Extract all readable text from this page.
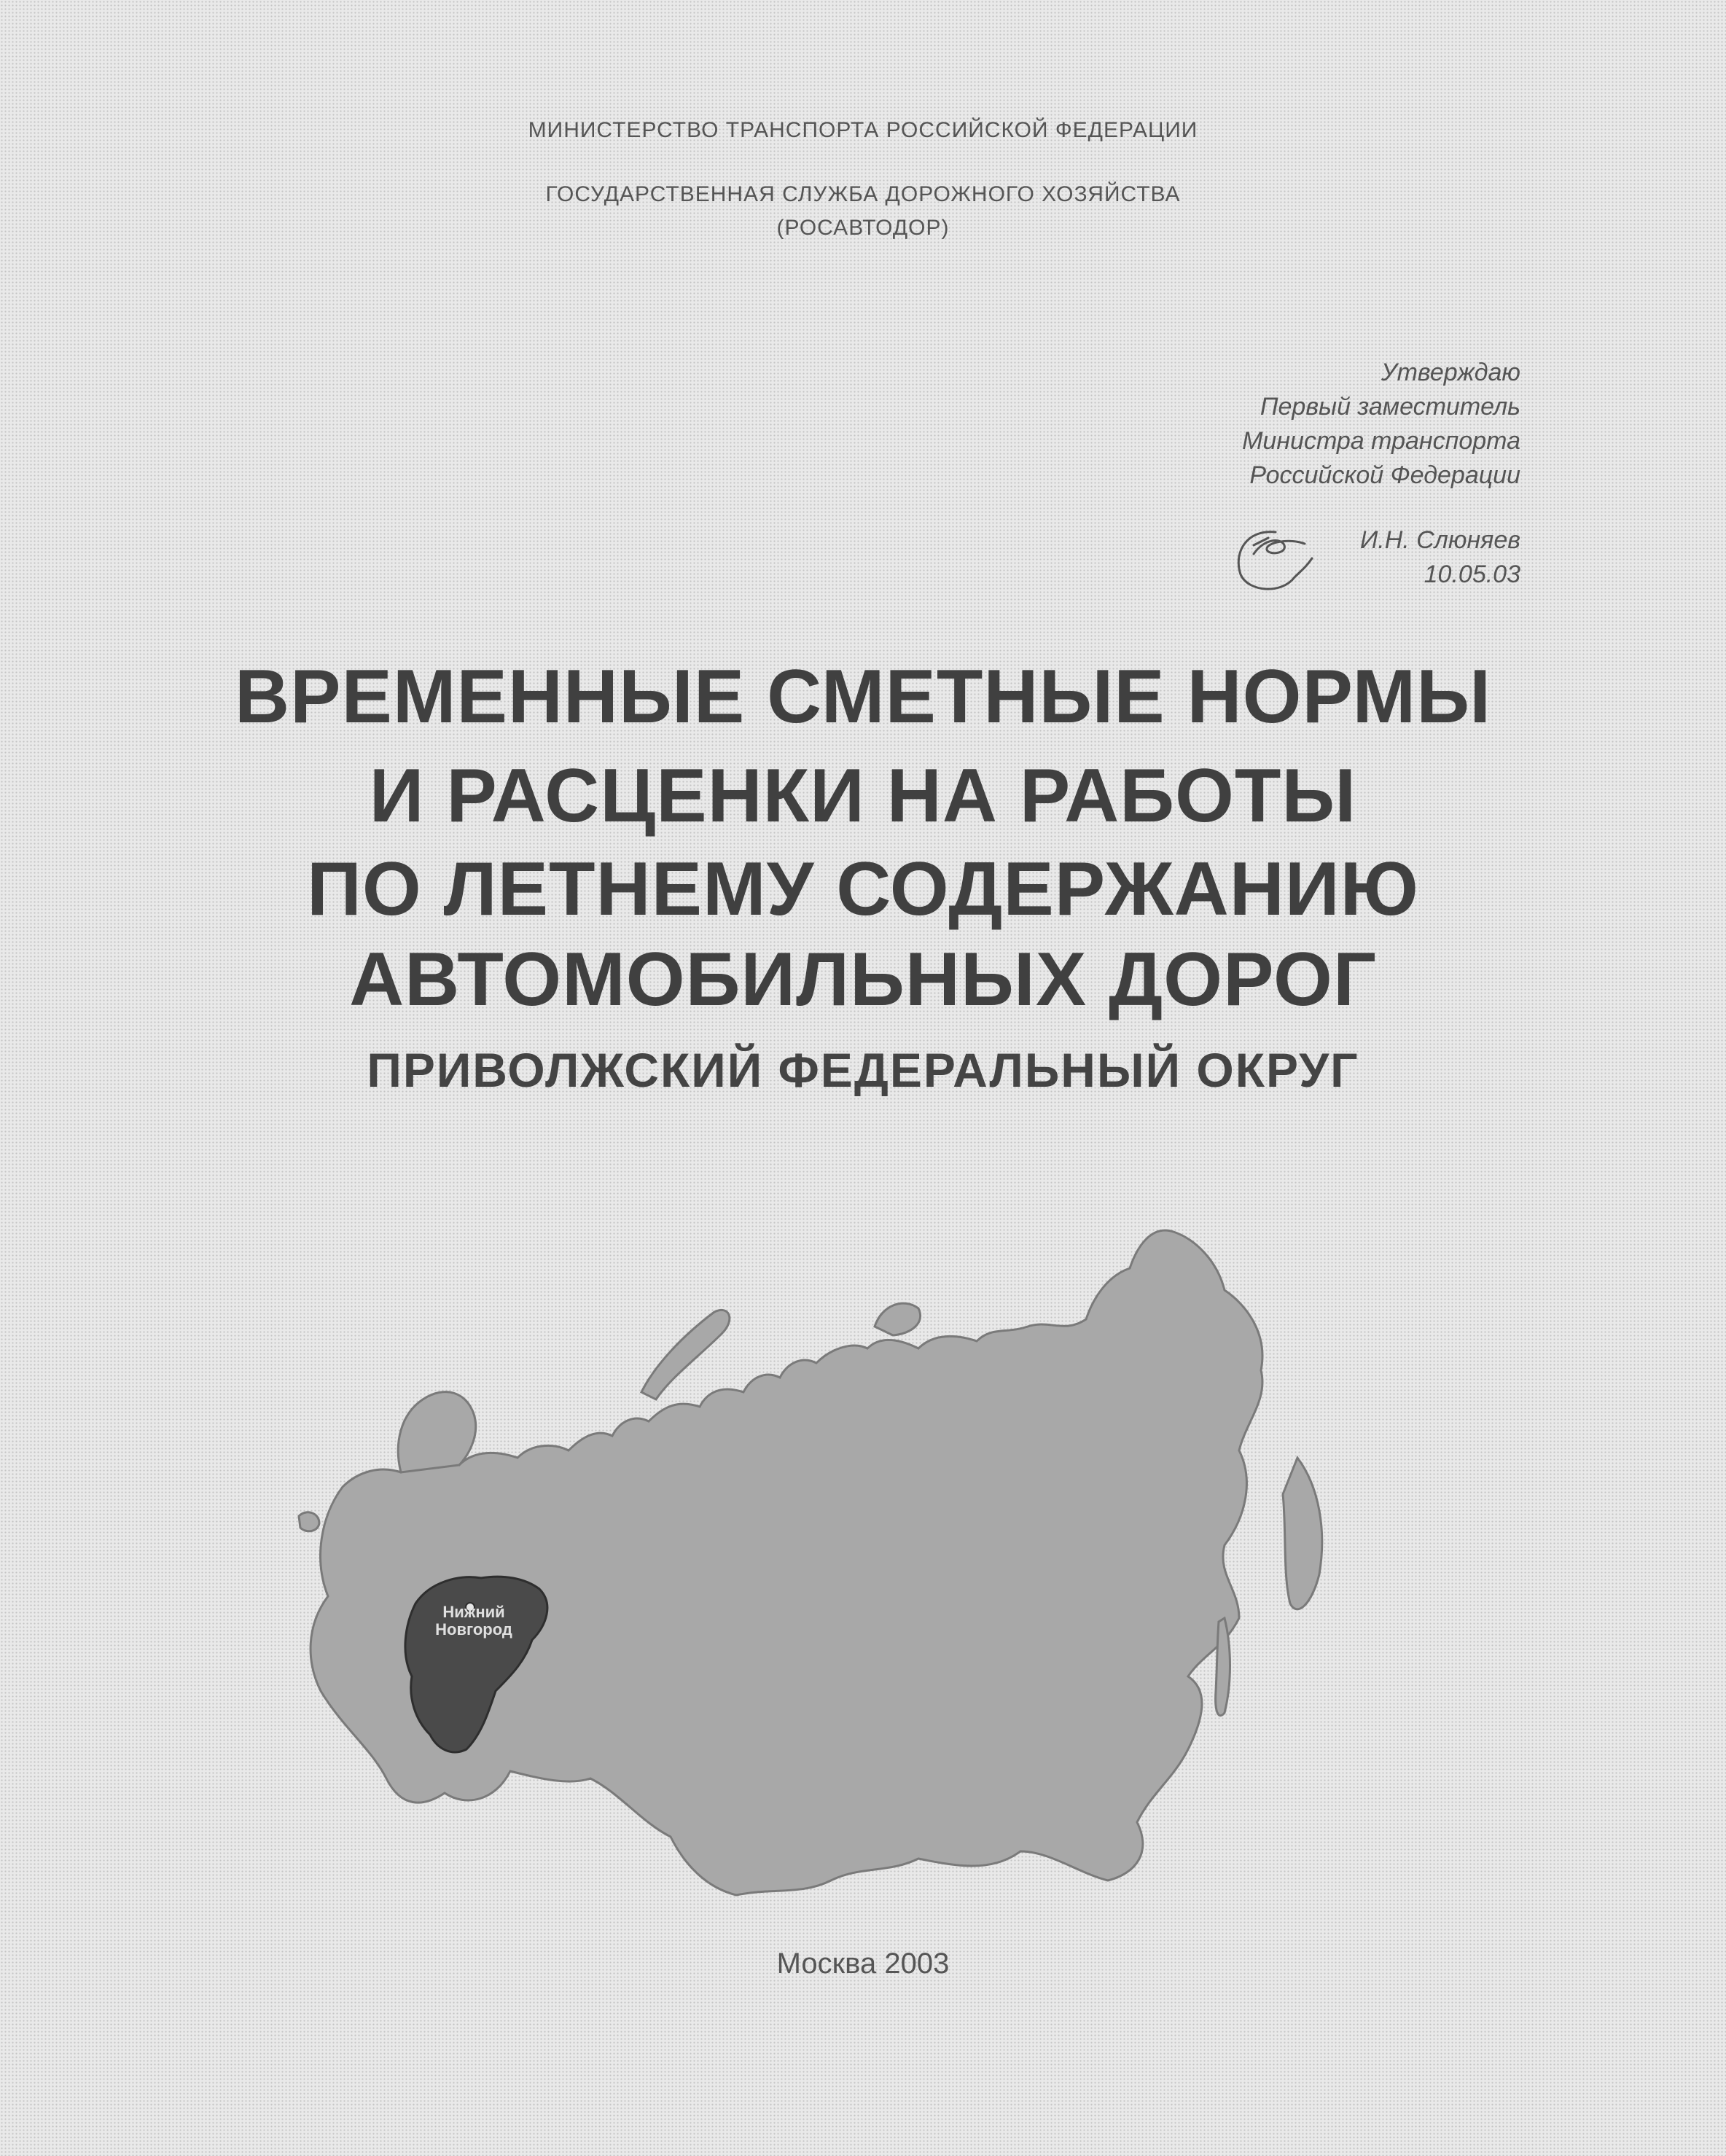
МИНИСТЕРСТВО ТРАНСПОРТА РОССИЙСКОЙ ФЕДЕРАЦИИ
ГОСУДАРСТВЕННАЯ СЛУЖБА ДОРОЖНОГО ХОЗЯЙСТВА
(РОСАВТОДОР)
Утверждаю
Первый заместитель
Министра транспорта
Российской Федерации
И.Н. Слюняев
10.05.03
ВРЕМЕННЫЕ СМЕТНЫЕ НОРМЫ
И РАСЦЕНКИ НА РАБОТЫ
ПО ЛЕТНЕМУ СОДЕРЖАНИЮ
АВТОМОБИЛЬНЫХ ДОРОГ
ПРИВОЛЖСКИЙ ФЕДЕРАЛЬНЫЙ ОКРУГ
Нижний Новгород
Москва 2003
